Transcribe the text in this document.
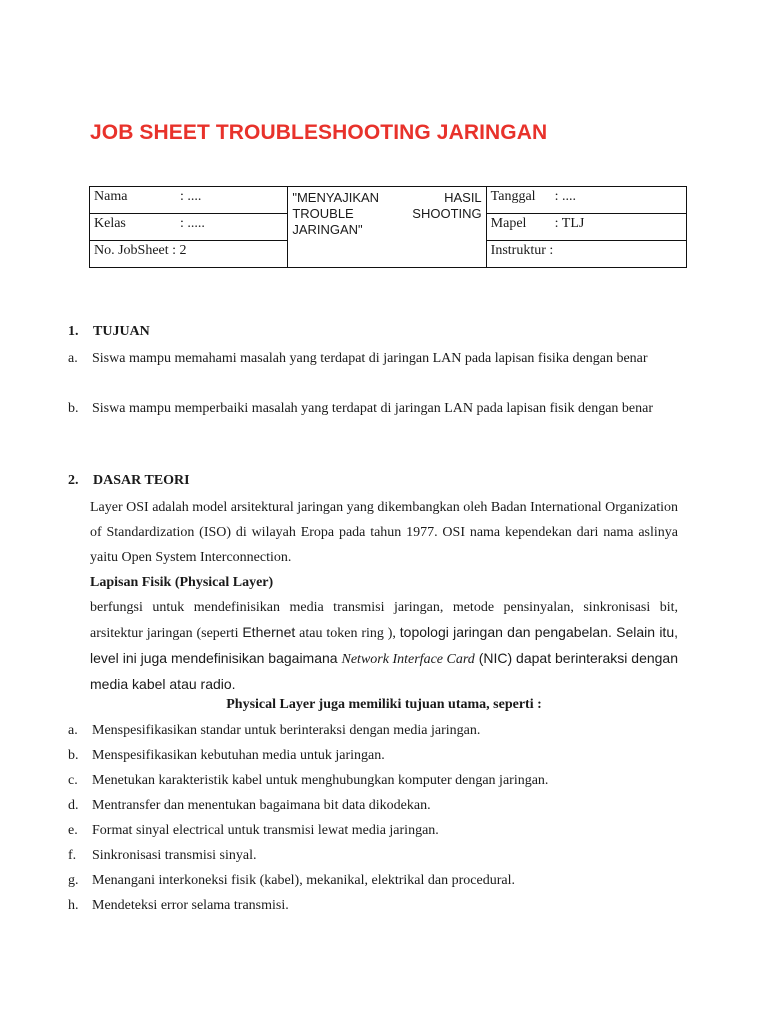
JOB SHEET TROUBLESHOOTING JARINGAN
Nama : ....	"MENYAJIKAN HASIL TROUBLE SHOOTING JARINGAN"	Tanggal : ....
Kelas : .....		Mapel : TLJ
No. JobSheet : 2		Instruktur :
1. TUJUAN
a. Siswa mampu memahami masalah yang terdapat di jaringan LAN pada lapisan fisika dengan benar
b. Siswa mampu memperbaiki masalah yang terdapat di jaringan LAN pada lapisan fisik dengan benar
2. DASAR TEORI
Layer OSI adalah model arsitektural jaringan yang dikembangkan oleh Badan International Organization of Standardization (ISO) di wilayah Eropa pada tahun 1977. OSI nama kependekan dari nama aslinya yaitu Open System Interconnection.
Lapisan Fisik (Physical Layer)
berfungsi untuk mendefinisikan media transmisi jaringan, metode pensinyalan, sinkronisasi bit, arsitektur jaringan (seperti Ethernet atau token ring ), topologi jaringan dan pengabelan. Selain itu, level ini juga mendefinisikan bagaimana Network Interface Card (NIC) dapat berinteraksi dengan media kabel atau radio.
Physical Layer juga memiliki tujuan utama, seperti :
a. Menspesifikasikan standar untuk berinteraksi dengan media jaringan.
b. Menspesifikasikan kebutuhan media untuk jaringan.
c. Menetukan karakteristik kabel untuk menghubungkan komputer dengan jaringan.
d. Mentransfer dan menentukan bagaimana bit data dikodekan.
e. Format sinyal electrical untuk transmisi lewat media jaringan.
f. Sinkronisasi transmisi sinyal.
g. Menangani interkoneksi fisik (kabel), mekanikal, elektrikal dan procedural.
h. Mendeteksi error selama transmisi.
